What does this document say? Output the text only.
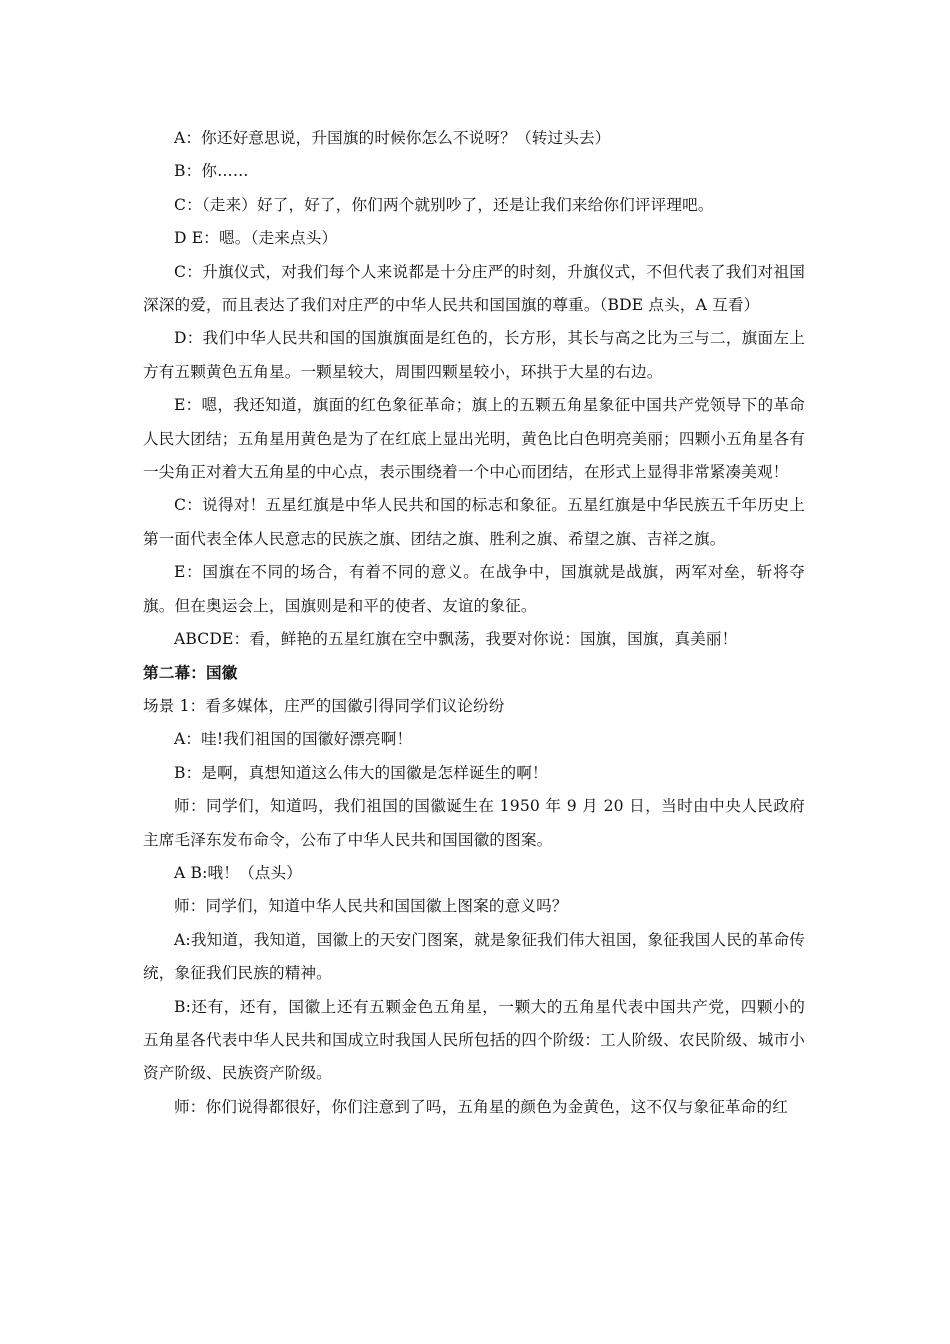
A：你还好意思说，升国旗的时候你怎么不说呀？（转过头去）

B：你……

C：（走来）好了，好了，你们两个就别吵了，还是让我们来给你们评评理吧。

D E：嗯。（走来点头）

C：升旗仪式，对我们每个人来说都是十分庄严的时刻，升旗仪式，不但代表了我们对祖国深深的爱，而且表达了我们对庄严的中华人民共和国国旗的尊重。（BDE 点头，A 互看）

D：我们中华人民共和国的国旗旗面是红色的，长方形，其长与高之比为三与二，旗面左上方有五颗黄色五角星。一颗星较大，周围四颗星较小，环拱于大星的右边。

E：嗯，我还知道，旗面的红色象征革命；旗上的五颗五角星象征中国共产党领导下的革命人民大团结；五角星用黄色是为了在红底上显出光明，黄色比白色明亮美丽；四颗小五角星各有一尖角正对着大五角星的中心点，表示围绕着一个中心而团结，在形式上显得非常紧凑美观！

C：说得对！五星红旗是中华人民共和国的标志和象征。五星红旗是中华民族五千年历史上第一面代表全体人民意志的民族之旗、团结之旗、胜利之旗、希望之旗、吉祥之旗。

E：国旗在不同的场合，有着不同的意义。在战争中，国旗就是战旗，两军对垒，斩将夺旗。但在奥运会上，国旗则是和平的使者、友谊的象征。

ABCDE：看，鲜艳的五星红旗在空中飘荡，我要对你说：国旗，国旗，真美丽！

第二幕：国徽

场景 1：看多媒体，庄严的国徽引得同学们议论纷纷

A：哇!我们祖国的国徽好漂亮啊！

B：是啊，真想知道这么伟大的国徽是怎样诞生的啊！

师：同学们，知道吗，我们祖国的国徽诞生在 1950 年 9 月 20 日，当时由中央人民政府主席毛泽东发布命令，公布了中华人民共和国国徽的图案。

A B:哦！（点头）

师：同学们，知道中华人民共和国国徽上图案的意义吗？

A:我知道，我知道，国徽上的天安门图案，就是象征我们伟大祖国，象征我国人民的革命传统，象征我们民族的精神。

B:还有，还有，国徽上还有五颗金色五角星，一颗大的五角星代表中国共产党，四颗小的五角星各代表中华人民共和国成立时我国人民所包括的四个阶级：工人阶级、农民阶级、城市小资产阶级、民族资产阶级。

师：你们说得都很好，你们注意到了吗，五角星的颜色为金黄色，这不仅与象征革命的红
